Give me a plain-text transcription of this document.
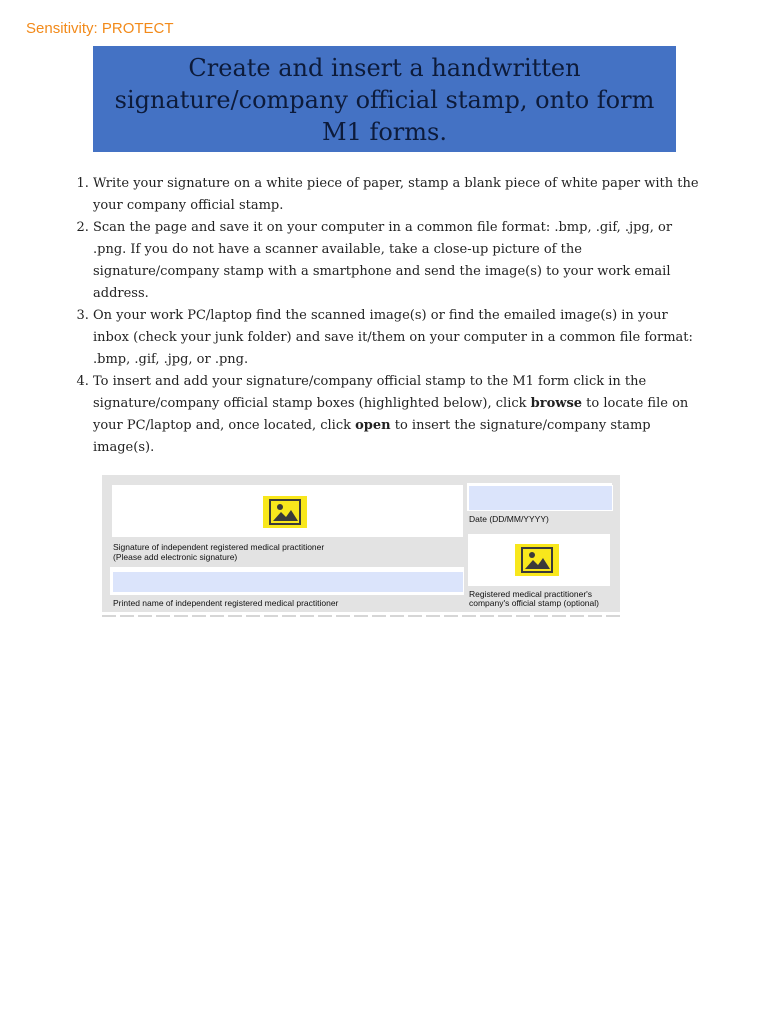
Sensitivity: PROTECT
Create and insert a handwritten signature/company official stamp, onto form M1 forms.
1. Write your signature on a white piece of paper, stamp a blank piece of white paper with the your company official stamp.
2. Scan the page and save it on your computer in a common file format: .bmp, .gif, .jpg, or .png. If you do not have a scanner available, take a close-up picture of the signature/company stamp with a smartphone and send the image(s) to your work email address.
3. On your work PC/laptop find the scanned image(s) or find the emailed image(s) in your inbox (check your junk folder) and save it/them on your computer in a common file format: .bmp, .gif, .jpg, or .png.
4. To insert and add your signature/company official stamp to the M1 form click in the signature/company official stamp boxes (highlighted below), click browse to locate file on your PC/laptop and, once located, click open to insert the signature/company stamp image(s).
Signature of independent registered medical practitioner
(Please add electronic signature)
Printed name of independent registered medical practitioner
Date (DD/MM/YYYY)
Registered medical practitioner's
company's official stamp (optional)
